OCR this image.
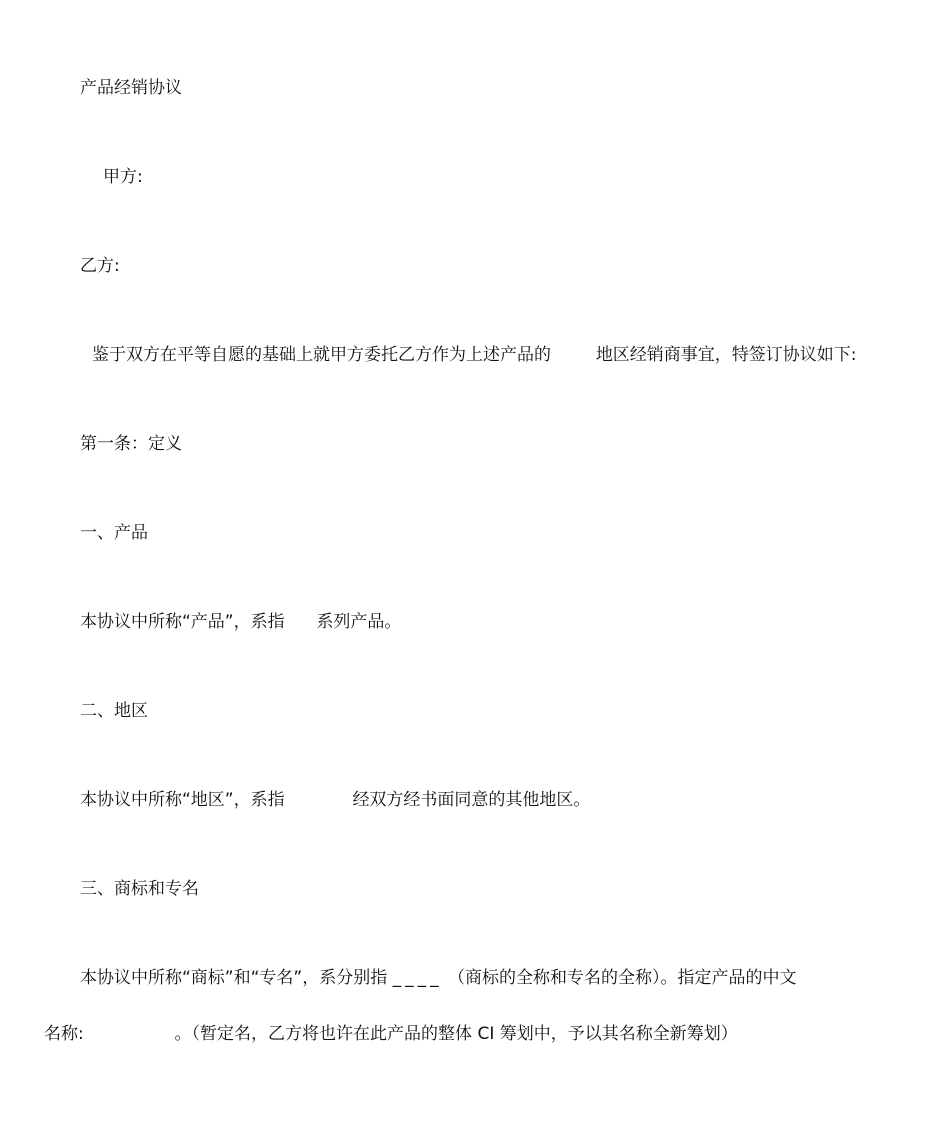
产品经销协议
甲方:
乙方:
鉴于双方在平等自愿的基础上就甲方委托乙方作为上述产品的	地区经销商事宜，特签订协议如下:
第一条：定义
一、产品
本协议中所称“产品”，系指 系列产品。
二、地区
本协议中所称“地区”，系指	经双方经书面同意的其他地区。
三、商标和专名
本协议中所称“商标”和“专名”，系分别指 ____ （商标的全称和专名的全称）。指定产品的中文
名称:	。（暂定名，乙方将也许在此产品的整体 CI 筹划中，予以其名称全新筹划）
